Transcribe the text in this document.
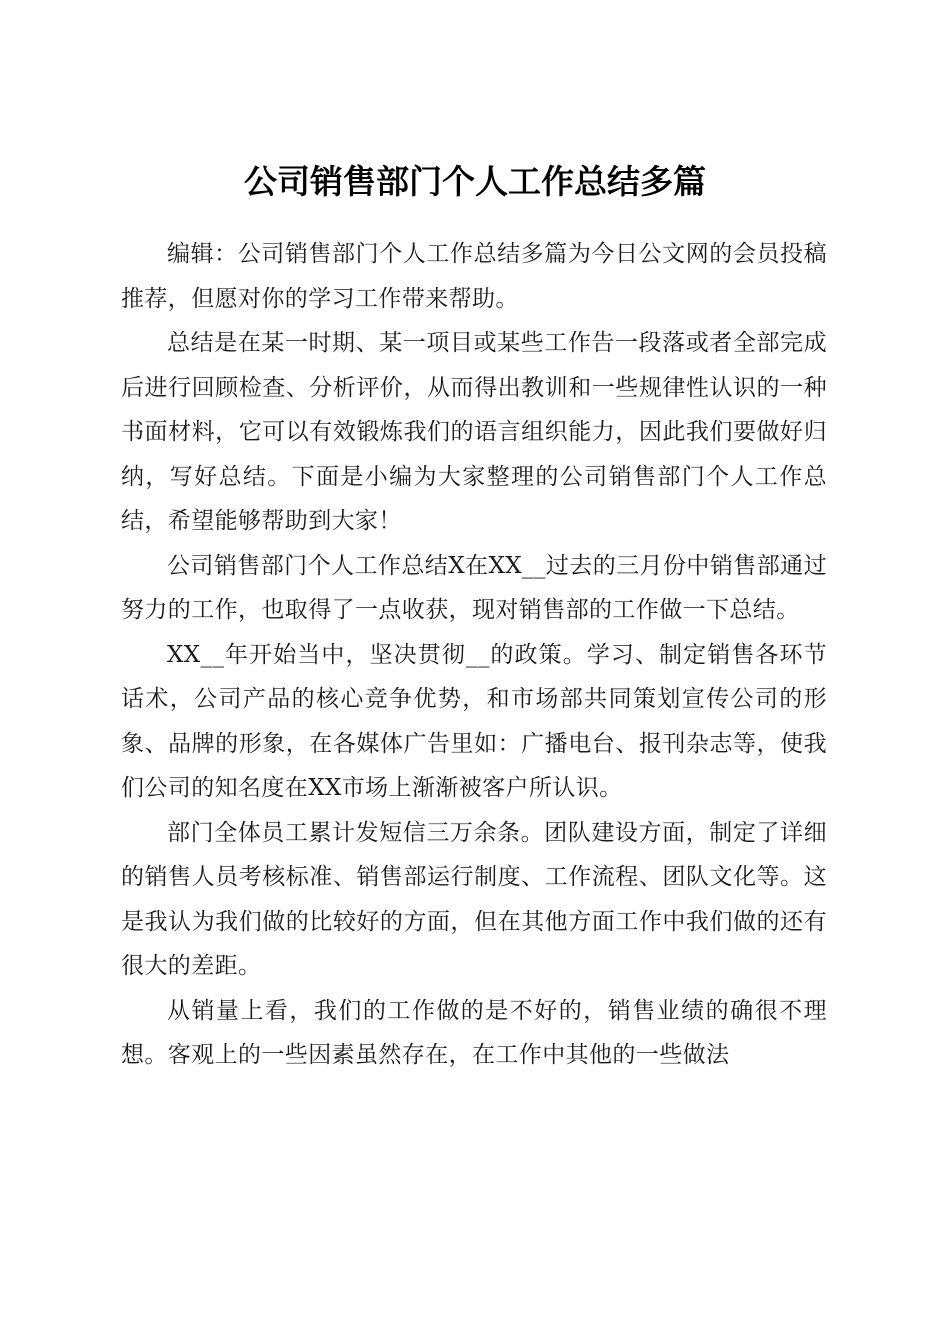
公司销售部门个人工作总结多篇

编辑：公司销售部门个人工作总结多篇为今日公文网的会员投稿推荐，但愿对你的学习工作带来帮助。

总结是在某一时期、某一项目或某些工作告一段落或者全部完成后进行回顾检查、分析评价，从而得出教训和一些规律性认识的一种书面材料，它可以有效锻炼我们的语言组织能力，因此我们要做好归纳，写好总结。下面是小编为大家整理的公司销售部门个人工作总结，希望能够帮助到大家！

公司销售部门个人工作总结X在XX__过去的三月份中销售部通过努力的工作，也取得了一点收获，现对销售部的工作做一下总结。

XX__年开始当中，坚决贯彻__的政策。学习、制定销售各环节话术，公司产品的核心竞争优势，和市场部共同策划宣传公司的形象、品牌的形象，在各媒体广告里如：广播电台、报刊杂志等，使我们公司的知名度在XX市场上渐渐被客户所认识。

部门全体员工累计发短信三万余条。团队建设方面，制定了详细的销售人员考核标准、销售部运行制度、工作流程、团队文化等。这是我认为我们做的比较好的方面，但在其他方面工作中我们做的还有很大的差距。

从销量上看，我们的工作做的是不好的，销售业绩的确很不理想。客观上的一些因素虽然存在，在工作中其他的一些做法
